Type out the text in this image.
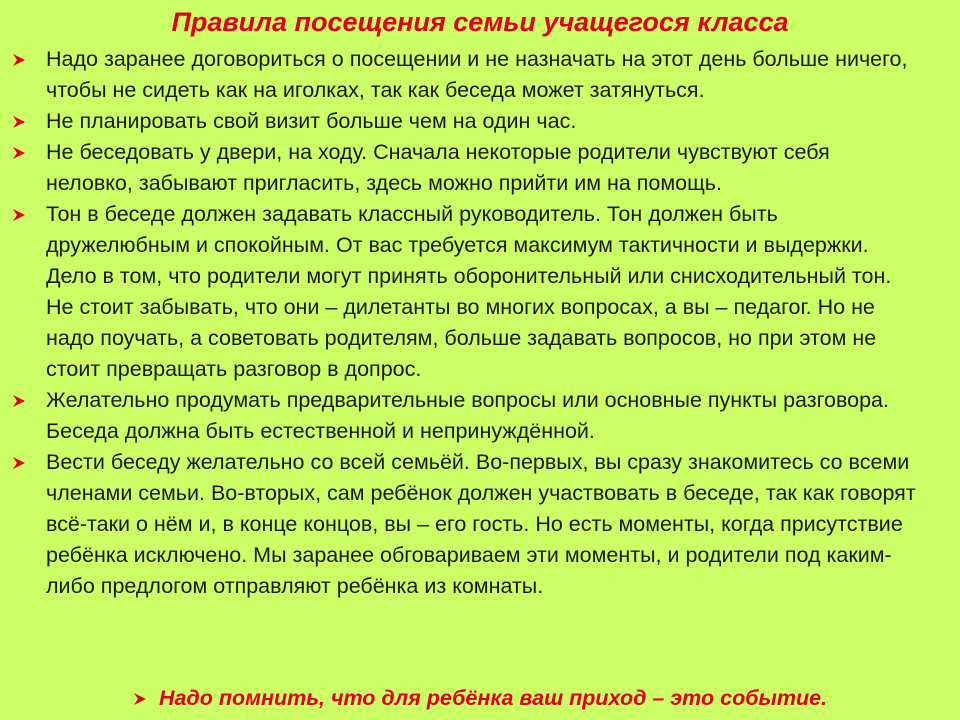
Правила посещения семьи учащегося класса
Надо заранее договориться о посещении и не назначать на этот день больше ничего, чтобы не сидеть как на иголках, так как беседа может затянуться.
Не планировать свой визит больше чем на один час.
Не беседовать у двери, на ходу. Сначала некоторые родители чувствуют себя неловко, забывают пригласить, здесь можно прийти им на помощь.
Тон в беседе должен задавать классный руководитель. Тон должен быть дружелюбным и спокойным. От вас требуется максимум тактичности и выдержки. Дело в том, что родители могут принять оборонительный или снисходительный тон. Не стоит забывать, что они – дилетанты во многих вопросах, а вы – педагог. Но не надо поучать, а советовать родителям, больше задавать вопросов, но при этом не стоит превращать разговор в допрос.
Желательно продумать предварительные вопросы или основные пункты разговора. Беседа должна быть естественной и непринуждённой.
Вести беседу желательно со всей семьёй. Во-первых, вы сразу знакомитесь со всеми членами семьи. Во-вторых, сам ребёнок должен участвовать в беседе, так как говорят всё-таки о нём и, в конце концов, вы – его гость. Но есть моменты, когда присутствие ребёнка исключено. Мы заранее обговариваем эти моменты, и родители под каким-либо предлогом отправляют ребёнка из комнаты.
Надо помнить, что для ребёнка ваш приход – это событие.
